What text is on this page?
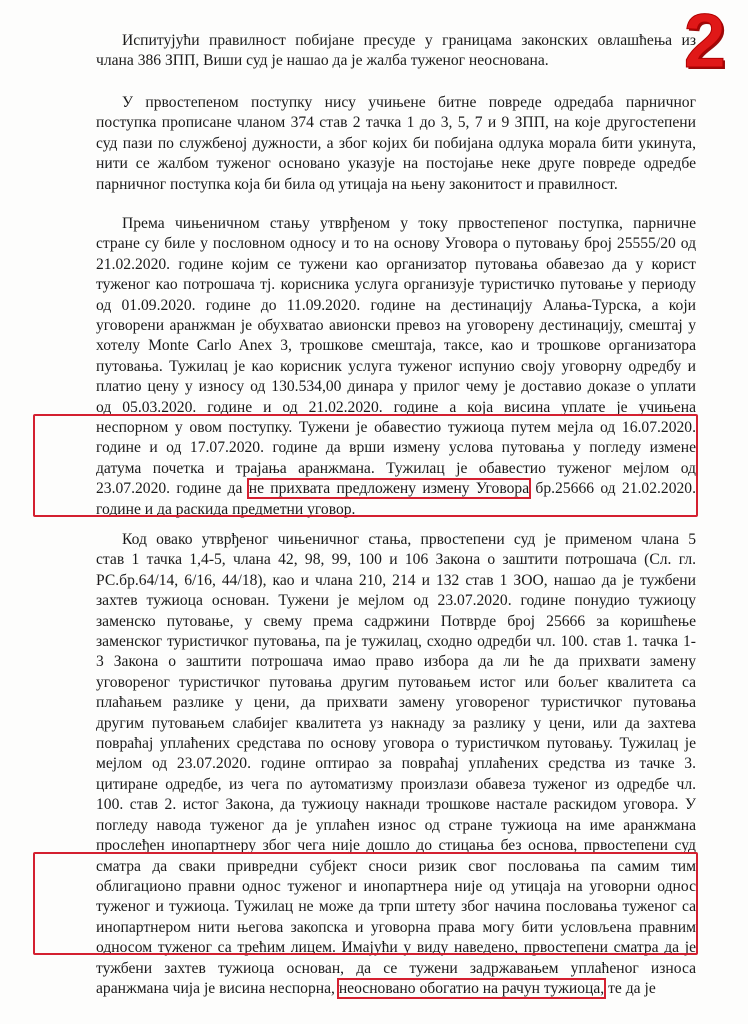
2
Испитујући правилност побијане пресуде у границама законских овлашћења из
члана 386 ЗПП, Виши суд је нашао да је жалба туженог неоснована.
У првостепеном поступку нису учињене битне повреде одредаба парничног
поступка прописане чланом 374 став 2 тачка 1 до 3, 5, 7 и 9 ЗПП, на које другостепени
суд пази по службеној дужности, а због којих би побијана одлука морала бити укинута,
нити се жалбом туженог основано указује на постојање неке друге повреде одредбе
парничног поступка која би била од утицаја на њену законитост и правилност.
Према чињеничном стању утврђеном у току првостепеног поступка, парничне
стране су биле у пословном односу и то на основу Уговора о путовању број 25555/20 од
21.02.2020. године којим се тужени као организатор путовања обавезао да у корист
туженог као потрошача тј. корисника услуга организује туристичко путовање у периоду
од 01.09.2020. године до 11.09.2020. године на дестинацију Алања-Турска, а који
уговорени аранжман је обухватао авионски превоз на уговорену дестинацију, смештај у
хотелу Monte Carlo Anex 3, трошкове смештаја, таксе, као и трошкове организатора
путовања. Тужилац је као корисник услуга туженог испунио своју уговорну одредбу и
платио цену у износу од 130.534,00 динара у прилог чему је доставио доказе о уплати
од 05.03.2020. године и од 21.02.2020. године а која висина уплате је учињена
неспорном у овом поступку. Тужени је обавестио тужиоца путем мејла од 16.07.2020.
године и од 17.07.2020. године да врши измену услова путовања у погледу измене
датума почетка и трајања аранжмана. Тужилац је обавестио туженог мејлом од
23.07.2020. године да не прихвата предложену измену Уговора бр.25666 од 21.02.2020.
године и да раскида предметни уговор.
Код овако утврђеног чињеничног стања, првостепени суд је применом члана 5
став 1 тачка 1,4-5, члана 42, 98, 99, 100 и 106 Закона о заштити потрошача (Сл. гл.
РС.бр.64/14, 6/16, 44/18), као и члана 210, 214 и 132 став 1 ЗОО, нашао да је тужбени
захтев тужиоца основан. Тужени је мејлом од 23.07.2020. године понудио тужиоцу
заменско путовање, у свему према садржини Потврде број 25666 за коришћење
заменског туристичког путовања, па је тужилац, сходно одредби чл. 100. став 1. тачка 1-
3 Закона о заштити потрошача имао право избора да ли ће да прихвати замену
уговореног туристичког путовања другим путовањем истог или бољег квалитета са
плаћањем разлике у цени, да прихвати замену уговореног туристичког путовања
другим путовањем слабијег квалитета уз накнаду за разлику у цени, или да захтева
повраћај уплаћених средстава по основу уговора о туристичком путовању. Тужилац је
мејлом од 23.07.2020. године оптирао за повраћај уплаћених средства из тачке 3.
цитиране одредбе, из чега по аутоматизму произлази обавеза туженог из одредбе чл.
100. став 2. истог Закона, да тужиоцу накнади трошкове настале раскидом уговора. У
погледу навода туженог да је уплаћен износ од стране тужиоца на име аранжмана
прослеђен инопартнеру због чега није дошло до стицања без основа, првостепени суд
сматра да сваки привредни субјект сноси ризик свог пословања па самим тим
облигационо правни однос туженог и инопартнера није од утицаја на уговорни однос
туженог и тужиоца. Тужилац не може да трпи штету због начина пословања туженог са
инопартнером нити његова закопска и уговорна права могу бити условљена правним
односом туженог са трећим лицем. Имајући у виду наведено, првостепени сматра да је
тужбени захтев тужиоца основан, да се тужени задржавањем уплаћеног износа
аранжмана чија је висина неспорна, неосновано обогатио на рачун тужиоца, те да је
